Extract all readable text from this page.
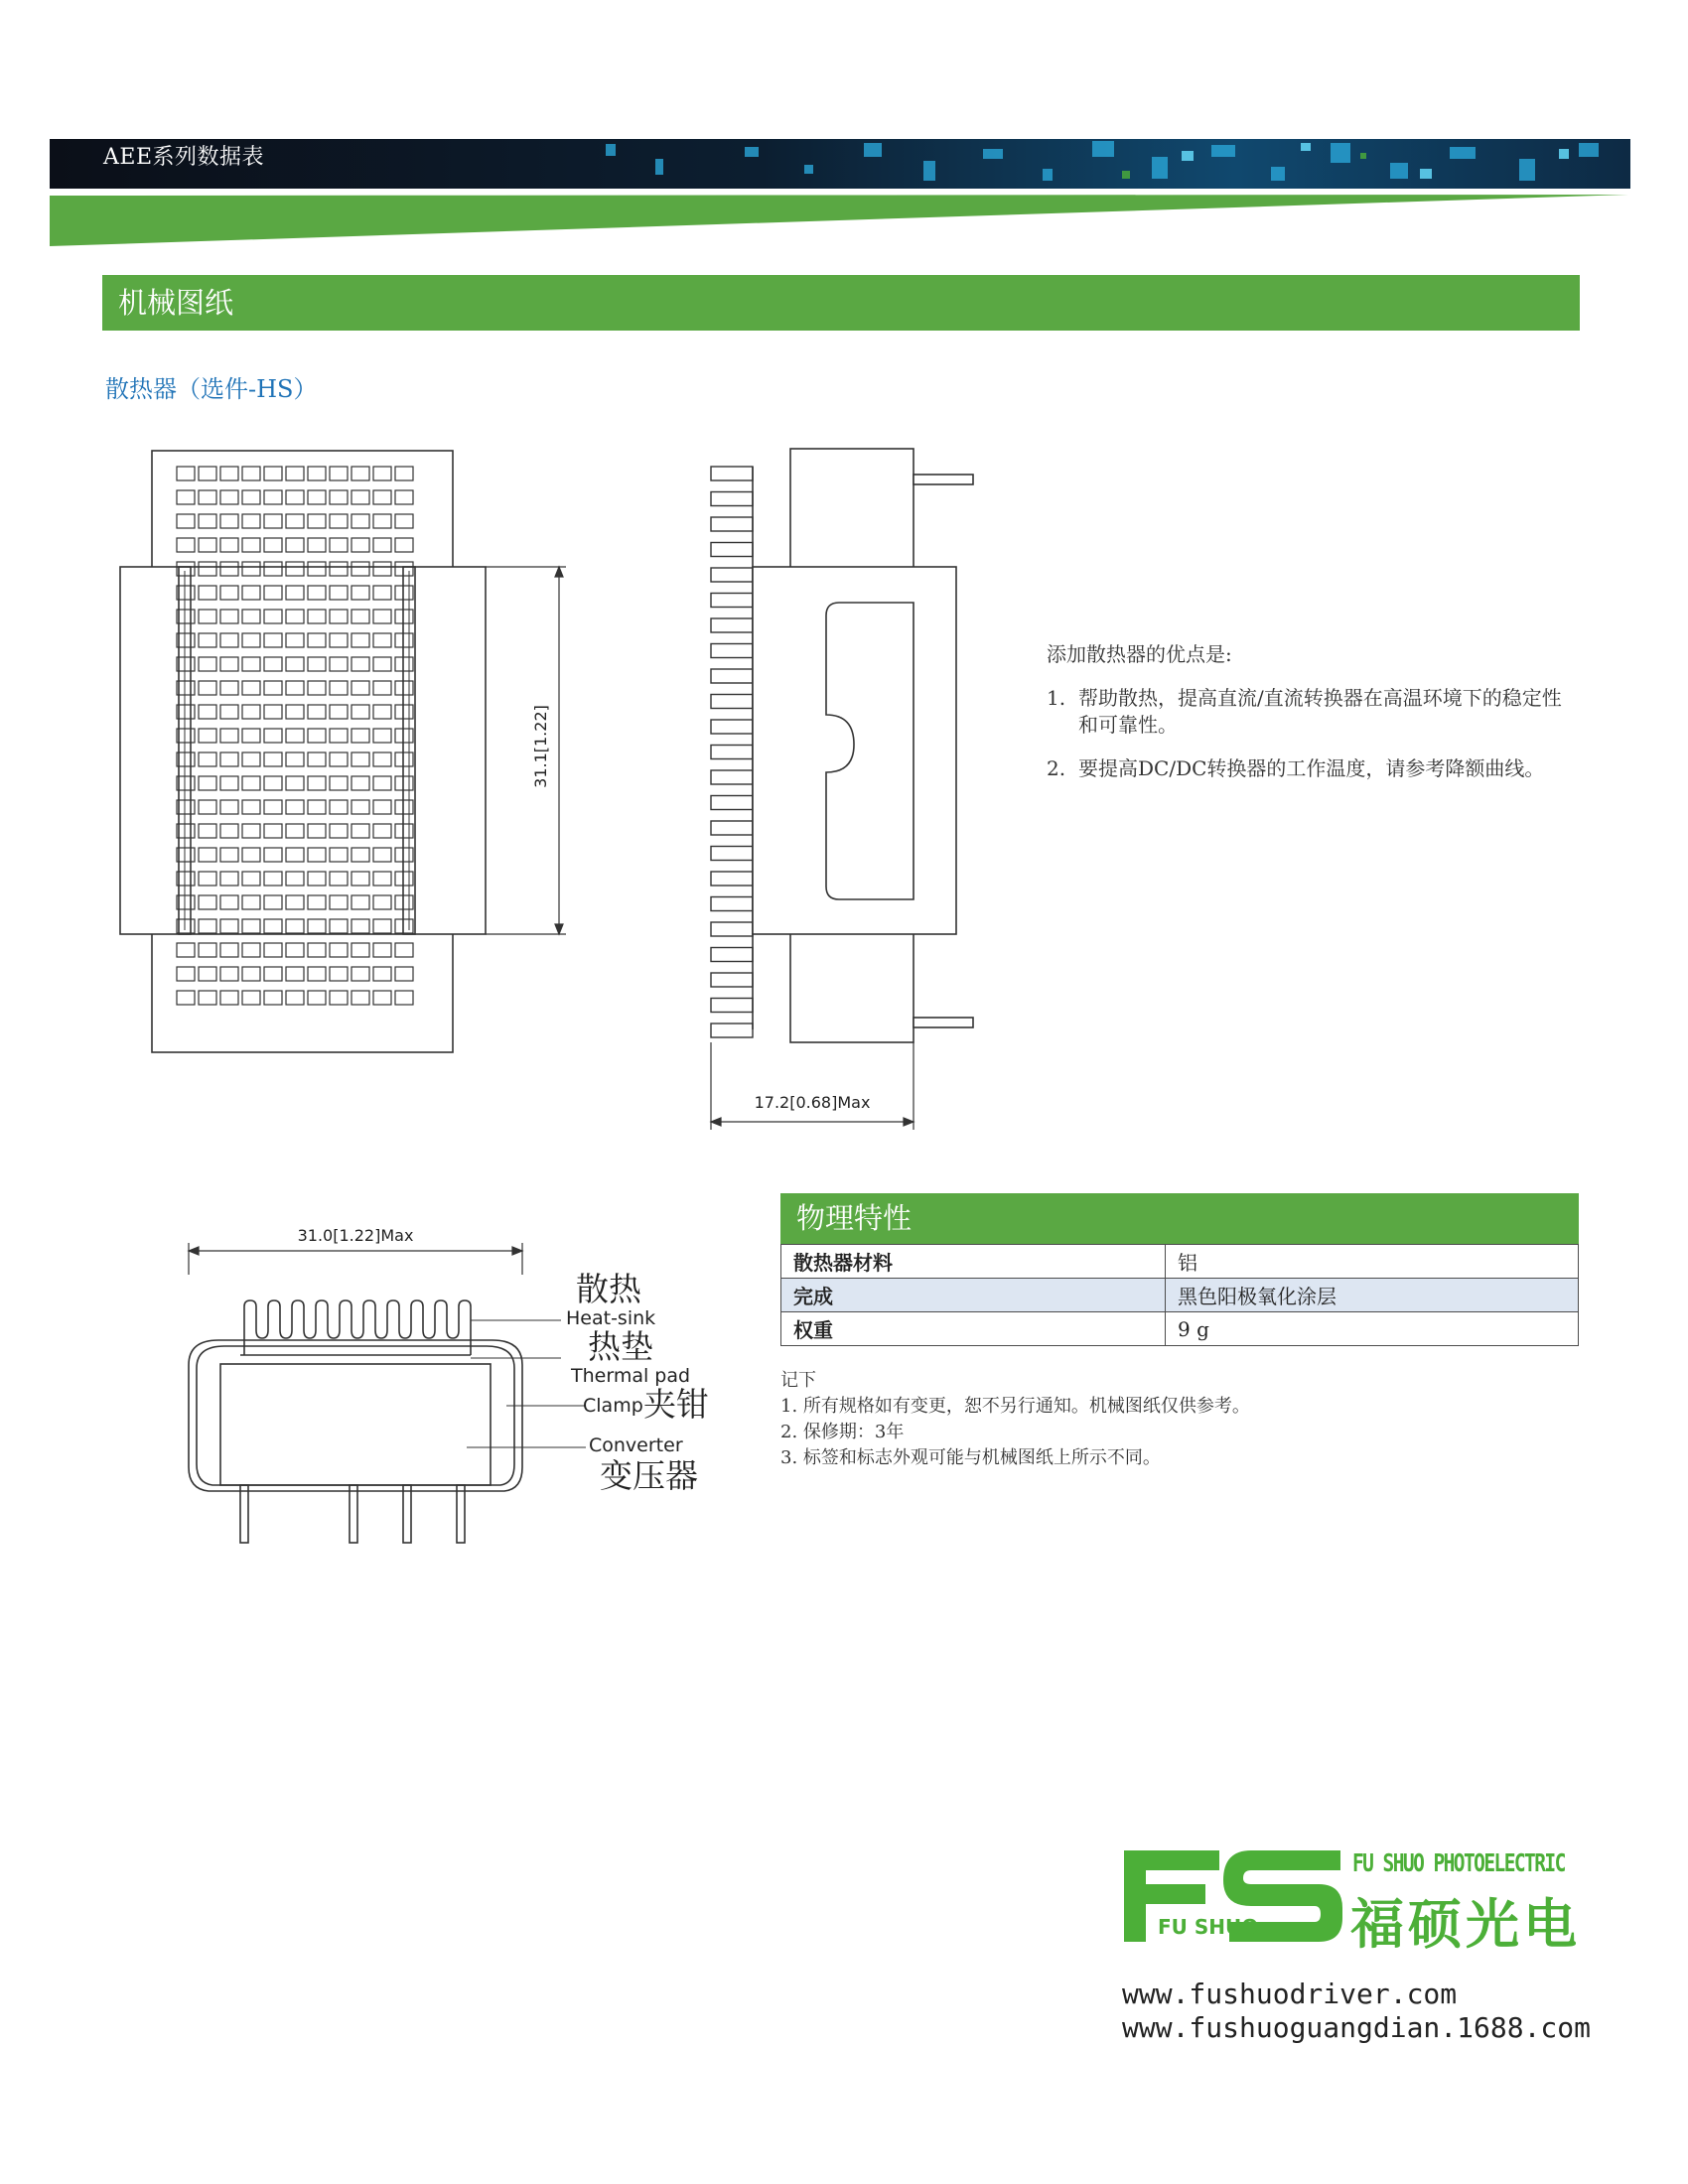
AEE系列数据表
机械图纸
散热器（选件-HS）
31.1[1.22]
17.2[0.68]Max
添加散热器的优点是:
1. 帮助散热，提高直流/直流转换器在高温环境下的稳定性和可靠性。
2. 要提高DC/DC转换器的工作温度，请参考降额曲线。
31.0[1.22]Max
散热
Heat-sink
热垫
Thermal pad
Clamp 夹钳
Converter
变压器
物理特性
散热器材料	铝
完成	黑色阳极氧化涂层
权重	9 g
记下
1. 所有规格如有变更，恕不另行通知。机械图纸仅供参考。
2. 保修期：3年
3. 标签和标志外观可能与机械图纸上所示不同。
FU SHUO
FU SHUO PHOTOELECTRIC
福硕光电
www.fushuodriver.com
www.fushuoguangdian.1688.com
